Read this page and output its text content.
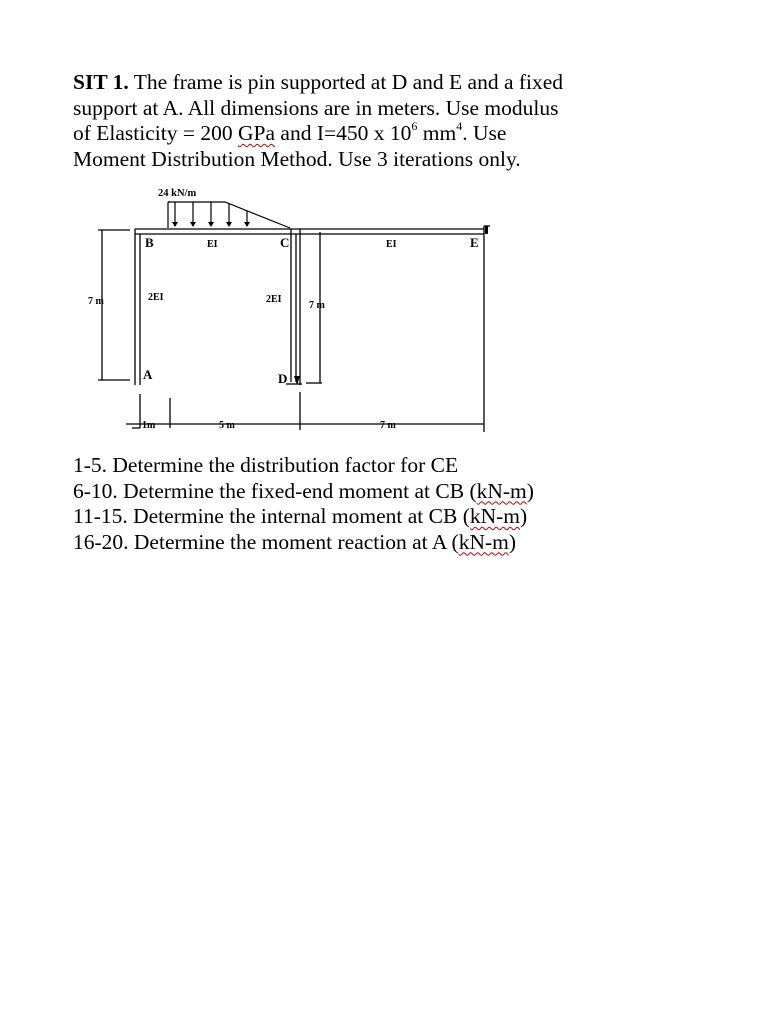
SIT 1. The frame is pin supported at D and E and a fixed
support at A. All dimensions are in meters. Use modulus
of Elasticity = 200 GPa and I=450 x $10^6$ $mm^4$. Use
Moment Distribution Method. Use 3 iterations only.
24 kN/m
B	EI	C	EI	E
2EI	2EI
7 m	7 m
A	D
1m	5 m	7 m
1-5. Determine the distribution factor for CE
6-10. Determine the fixed-end moment at CB (kN-m)
11-15. Determine the internal moment at CB (kN-m)
16-20. Determine the moment reaction at A (kN-m)
